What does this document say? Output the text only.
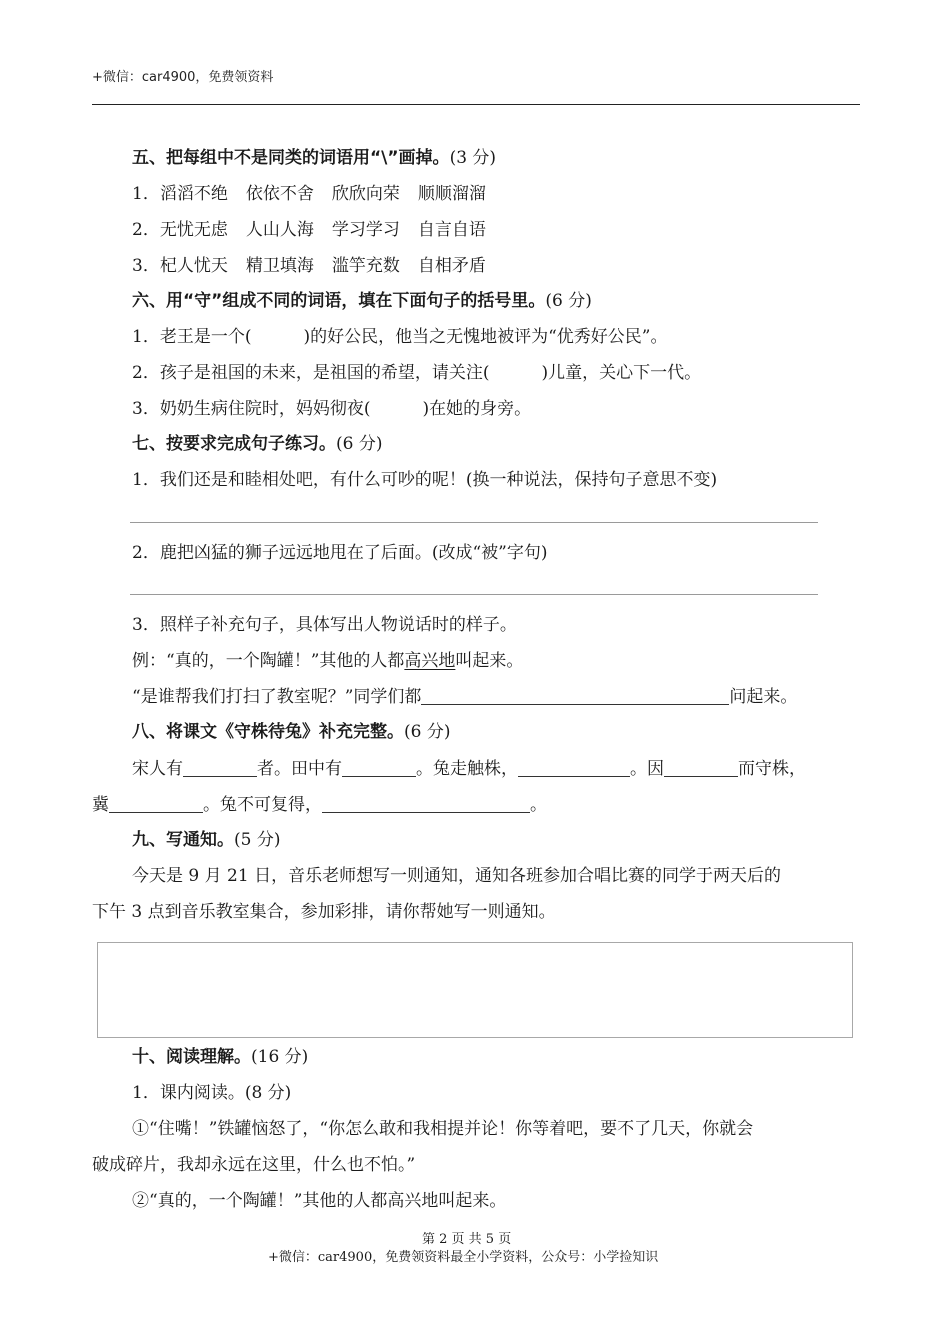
+微信：car4900，免费领资料
五、把每组中不是同类的词语用“\”画掉。(3 分)
1．滔滔不绝 依依不舍 欣欣向荣 顺顺溜溜
2．无忧无虑 人山人海 学习学习 自言自语
3．杞人忧天 精卫填海 滥竽充数 自相矛盾
六、用“守”组成不同的词语，填在下面句子的括号里。(6 分)
1．老王是一个(	)的好公民，他当之无愧地被评为“优秀好公民”。
2．孩子是祖国的未来，是祖国的希望，请关注(	)儿童，关心下一代。
3．奶奶生病住院时，妈妈彻夜(	)在她的身旁。
七、按要求完成句子练习。(6 分)
1．我们还是和睦相处吧，有什么可吵的呢！(换一种说法，保持句子意思不变)
2．鹿把凶猛的狮子远远地甩在了后面。(改成“被”字句)
3．照样子补充句子，具体写出人物说话时的样子。
例：“真的，一个陶罐！”其他的人都高兴地叫起来。
“是谁帮我们打扫了教室呢？”同学们都	问起来。
八、将课文《守株待兔》补充完整。(6 分)
宋人有	者。田中有	。兔走触株，	。因	而守株，
冀	。兔不可复得，	。
九、写通知。(5 分)
今天是 9 月 21 日，音乐老师想写一则通知，通知各班参加合唱比赛的同学于两天后的
下午 3 点到音乐教室集合，参加彩排，请你帮她写一则通知。
十、阅读理解。(16 分)
1．课内阅读。(8 分)
①“住嘴！”铁罐恼怒了，“你怎么敢和我相提并论！你等着吧，要不了几天，你就会
破成碎片，我却永远在这里，什么也不怕。”
②“真的，一个陶罐！”其他的人都高兴地叫起来。
第 2 页 共 5 页
+微信：car4900，免费领资料最全小学资料，公众号：小学捡知识
